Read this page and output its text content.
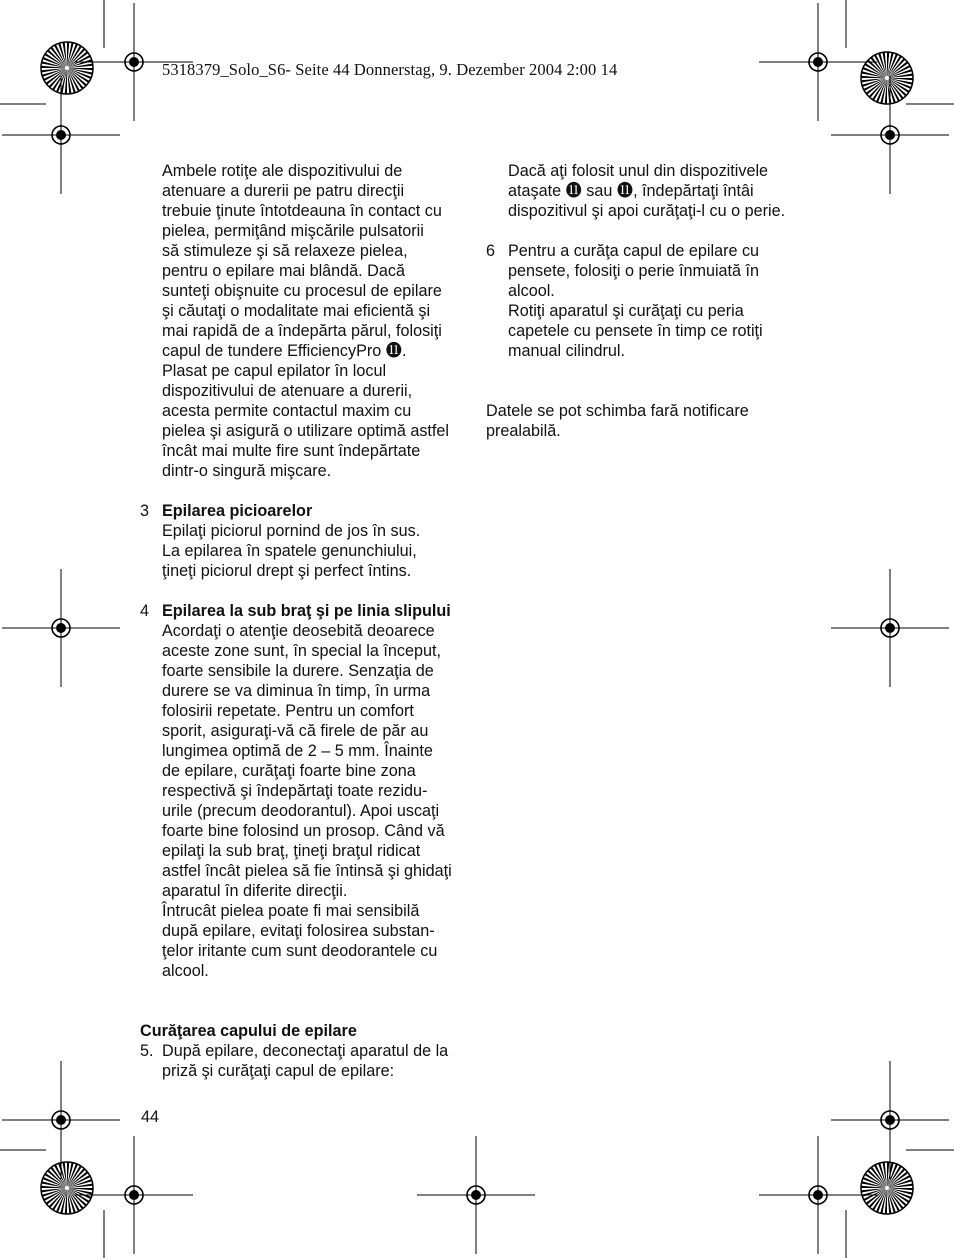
5318379_Solo_S6- Seite 44 Donnerstag, 9. Dezember 2004 2:00 14

Ambele rotiţe ale dispozitivului de
atenuare a durerii pe patru direcţii
trebuie ţinute întotdeauna în contact cu
pielea, permiţând mişcările pulsatorii
să stimuleze şi să relaxeze pielea,
pentru o epilare mai blândă. Dacă
sunteţi obişnuite cu procesul de epilare
şi căutaţi o modalitate mai eficientă şi
mai rapidă de a îndepărta părul, folosiţi
capul de tundere EfficiencyPro ⓫.
Plasat pe capul epilator în locul
dispozitivului de atenuare a durerii,
acesta permite contactul maxim cu
pielea şi asigură o utilizare optimă astfel
încât mai multe fire sunt îndepărtate
dintr-o singură mişcare.

3 Epilarea picioarelor

Epilaţi piciorul pornind de jos în sus.
La epilarea în spatele genunchiului,
ţineţi piciorul drept şi perfect întins.

4 Epilarea la sub braţ şi pe linia slipului

Acordaţi o atenţie deosebită deoarece
aceste zone sunt, în special la început,
foarte sensibile la durere. Senzaţia de
durere se va diminua în timp, în urma
folosirii repetate. Pentru un comfort
sporit, asiguraţi-vă că firele de păr au
lungimea optimă de 2 – 5 mm. Înainte
de epilare, curăţaţi foarte bine zona
respectivă şi îndepărtaţi toate rezidu-
urile (precum deodorantul). Apoi uscaţi
foarte bine folosind un prosop. Când vă
epilaţi la sub braţ, ţineţi braţul ridicat
astfel încât pielea să fie întinsă şi ghidaţi
aparatul în diferite direcţii.
Întrucât pielea poate fi mai sensibilă
după epilare, evitaţi folosirea substan-
ţelor iritante cum sunt deodorantele cu
alcool.

Curăţarea capului de epilare

5. După epilare, deconectaţi aparatul de la
priză şi curăţaţi capul de epilare:

Dacă aţi folosit unul din dispozitivele
ataşate ⓫ sau ⓫, îndepărtaţi întâi
dispozitivul şi apoi curăţaţi-l cu o perie.

6 Pentru a curăţa capul de epilare cu
pensete, folosiţi o perie înmuiată în
alcool.
Rotiţi aparatul şi curăţaţi cu peria
capetele cu pensete în timp ce rotiţi
manual cilindrul.

Datele se pot schimba fară notificare
prealabilă.

44
